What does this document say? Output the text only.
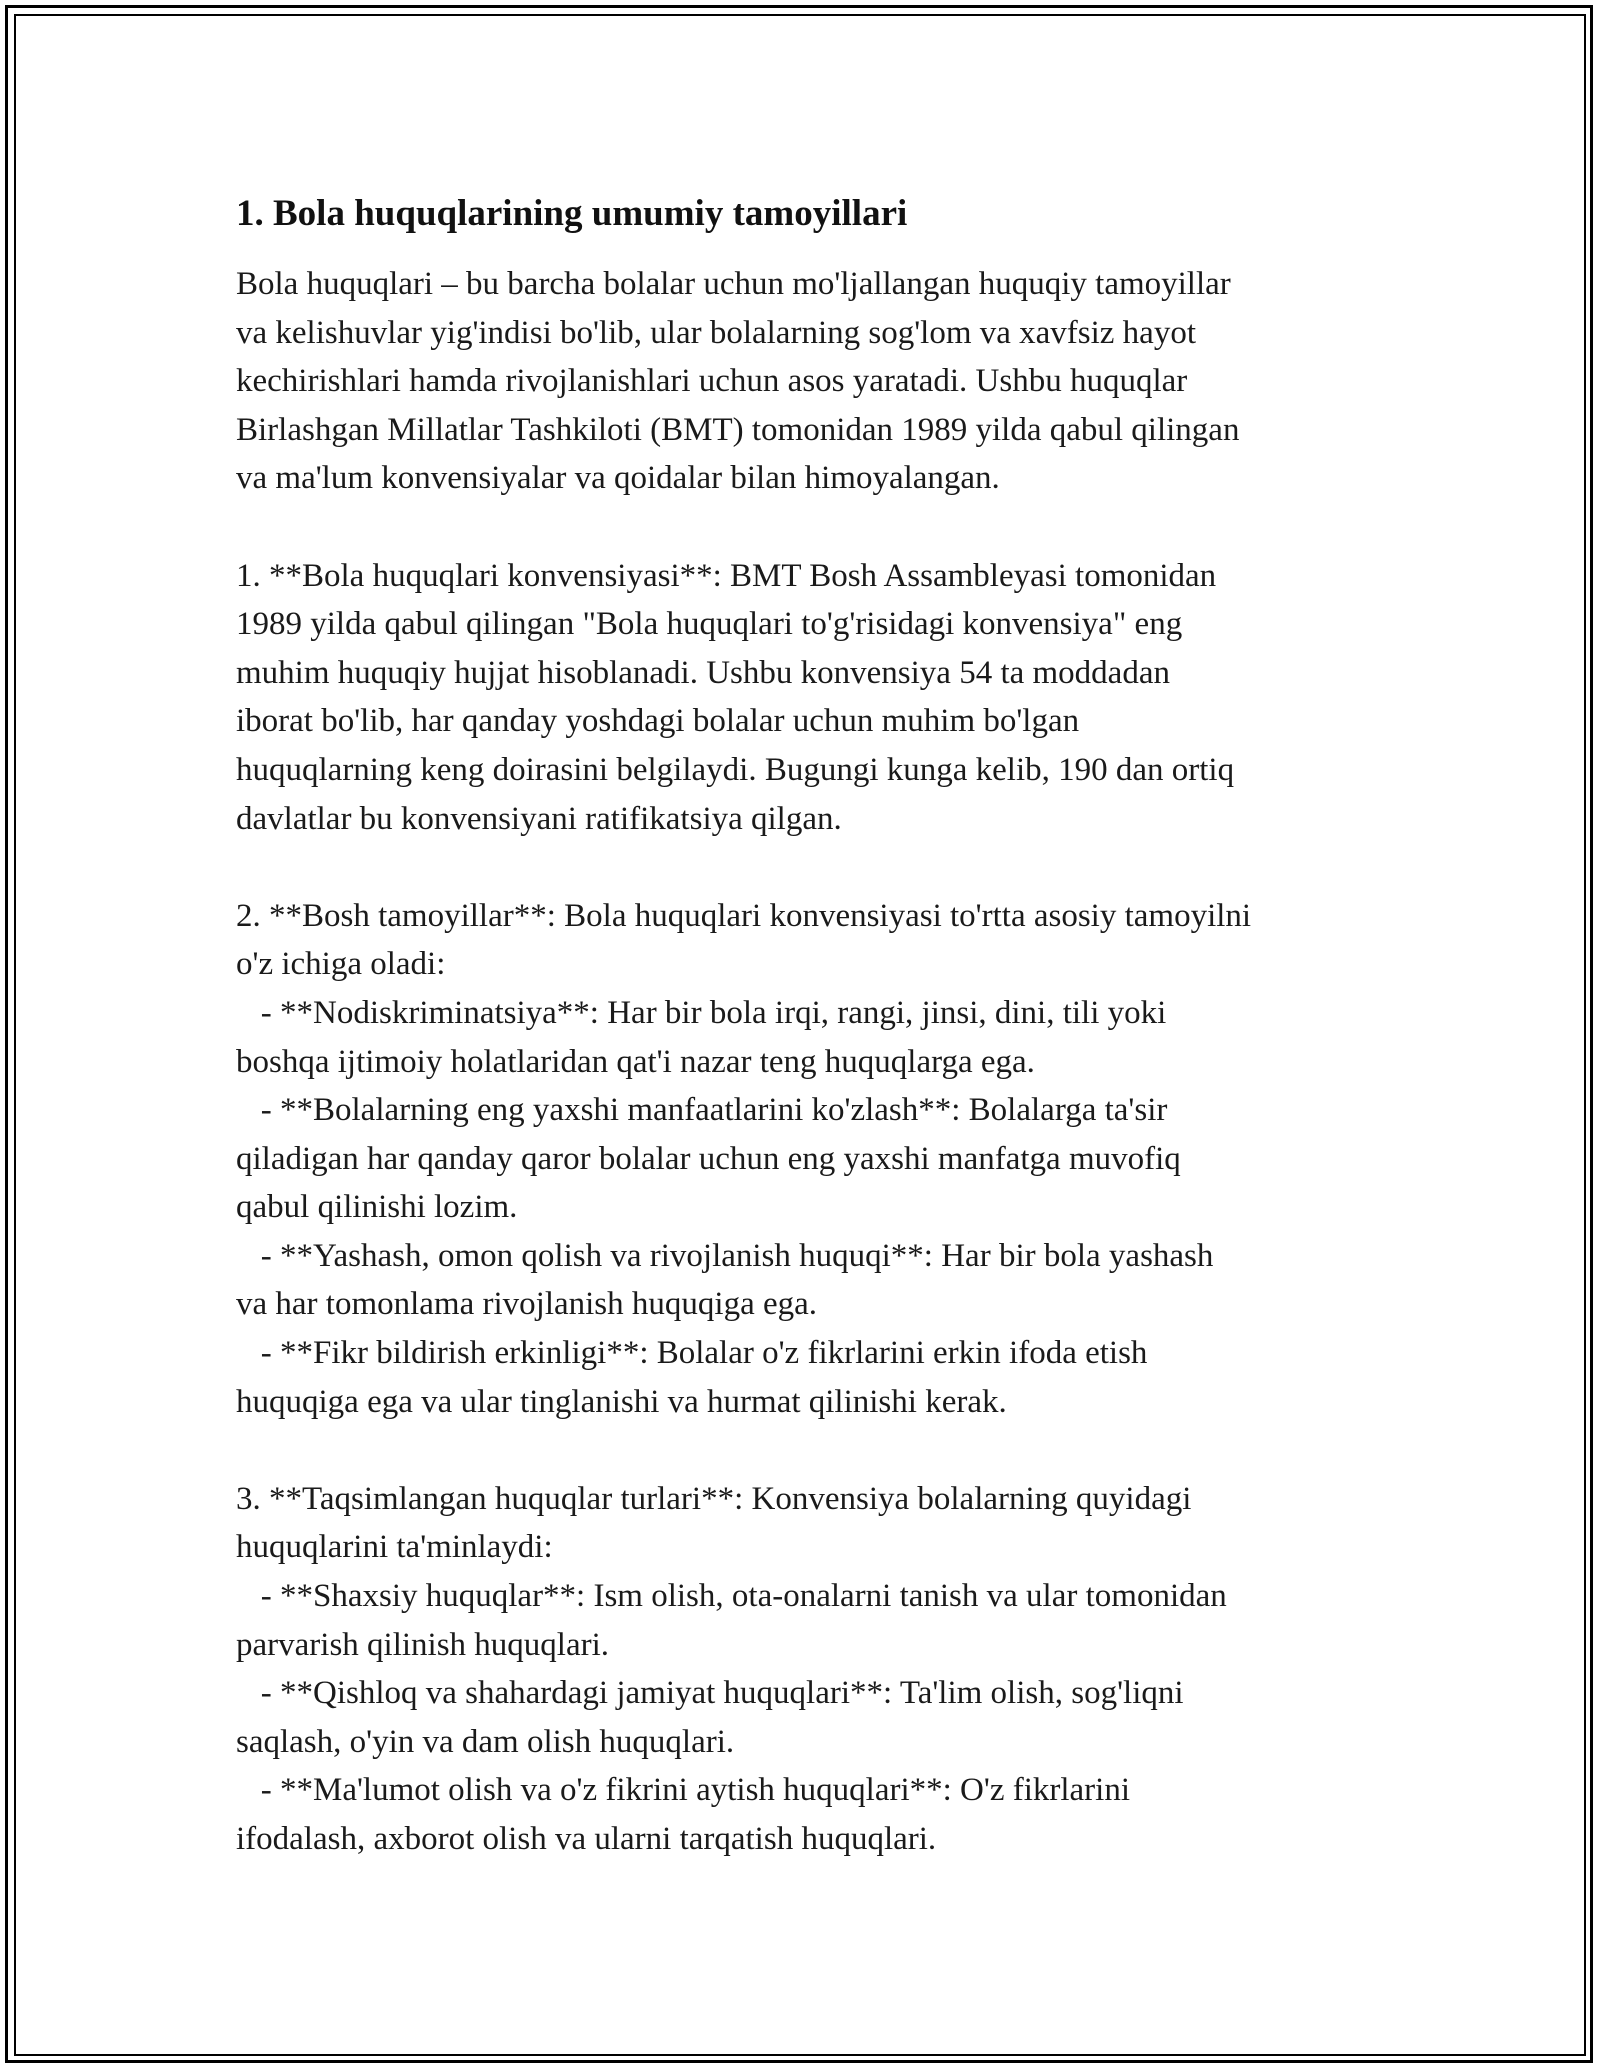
1. Bola huquqlarining umumiy tamoyillari

Bola huquqlari – bu barcha bolalar uchun mo'ljallangan huquqiy tamoyillar
va kelishuvlar yig'indisi bo'lib, ular bolalarning sog'lom va xavfsiz hayot
kechirishlari hamda rivojlanishlari uchun asos yaratadi. Ushbu huquqlar
Birlashgan Millatlar Tashkiloti (BMT) tomonidan 1989 yilda qabul qilingan
va ma'lum konvensiyalar va qoidalar bilan himoyalangan.

1. **Bola huquqlari konvensiyasi**: BMT Bosh Assambleyasi tomonidan
1989 yilda qabul qilingan "Bola huquqlari to'g'risidagi konvensiya" eng
muhim huquqiy hujjat hisoblanadi. Ushbu konvensiya 54 ta moddadan
iborat bo'lib, har qanday yoshdagi bolalar uchun muhim bo'lgan
huquqlarning keng doirasini belgilaydi. Bugungi kunga kelib, 190 dan ortiq
davlatlar bu konvensiyani ratifikatsiya qilgan.

2. **Bosh tamoyillar**: Bola huquqlari konvensiyasi to'rtta asosiy tamoyilni
o'z ichiga oladi:
- **Nodiskriminatsiya**: Har bir bola irqi, rangi, jinsi, dini, tili yoki
boshqa ijtimoiy holatlaridan qat'i nazar teng huquqlarga ega.
- **Bolalarning eng yaxshi manfaatlarini ko'zlash**: Bolalarga ta'sir
qiladigan har qanday qaror bolalar uchun eng yaxshi manfatga muvofiq
qabul qilinishi lozim.
- **Yashash, omon qolish va rivojlanish huquqi**: Har bir bola yashash
va har tomonlama rivojlanish huquqiga ega.
- **Fikr bildirish erkinligi**: Bolalar o'z fikrlarini erkin ifoda etish
huquqiga ega va ular tinglanishi va hurmat qilinishi kerak.

3. **Taqsimlangan huquqlar turlari**: Konvensiya bolalarning quyidagi
huquqlarini ta'minlaydi:
- **Shaxsiy huquqlar**: Ism olish, ota-onalarni tanish va ular tomonidan
parvarish qilinish huquqlari.
- **Qishloq va shahardagi jamiyat huquqlari**: Ta'lim olish, sog'liqni
saqlash, o'yin va dam olish huquqlari.
- **Ma'lumot olish va o'z fikrini aytish huquqlari**: O'z fikrlarini
ifodalash, axborot olish va ularni tarqatish huquqlari.
